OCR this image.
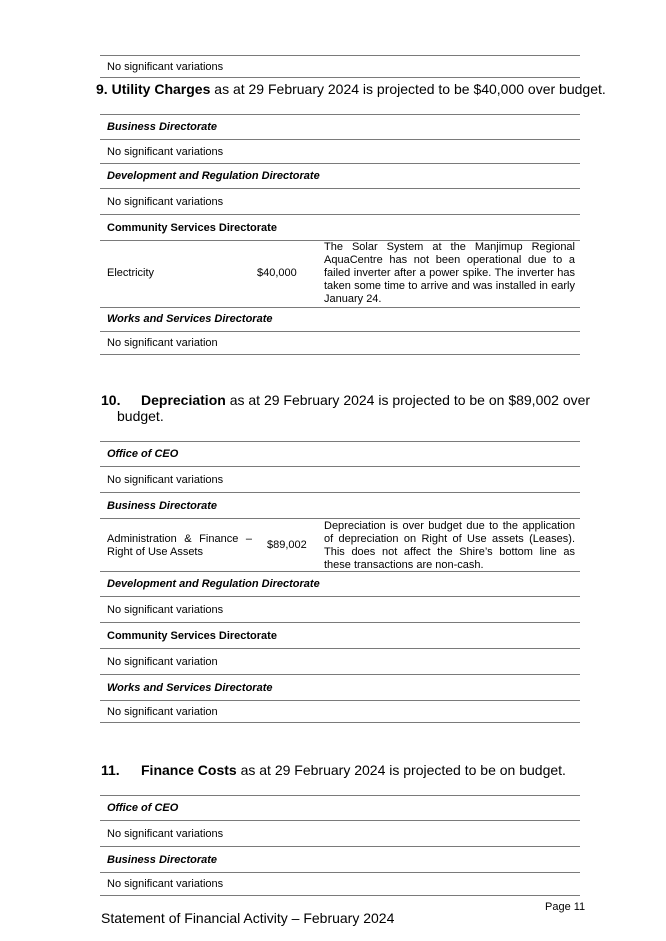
No significant variations
9. Utility Charges as at 29 February 2024 is projected to be $40,000 over budget.
Business Directorate
No significant variations
Development and Regulation Directorate
No significant variations
Community Services Directorate
Electricity	$40,000
The Solar System at the Manjimup Regional AquaCentre has not been operational due to a failed inverter after a power spike. The inverter has taken some time to arrive and was installed in early January 24.
Works and Services Directorate
No significant variation
10. Depreciation as at 29 February 2024 is projected to be on $89,002 over
budget.
Office of CEO
No significant variations
Business Directorate
Administration & Finance – Right of Use Assets
$89,002
Depreciation is over budget due to the application of depreciation on Right of Use assets (Leases). This does not affect the Shire’s bottom line as these transactions are non-cash.
Development and Regulation Directorate
No significant variations
Community Services Directorate
No significant variation
Works and Services Directorate
No significant variation
11. Finance Costs as at 29 February 2024 is projected to be on budget.
Office of CEO
No significant variations
Business Directorate
No significant variations
Page 11
Statement of Financial Activity – February 2024
